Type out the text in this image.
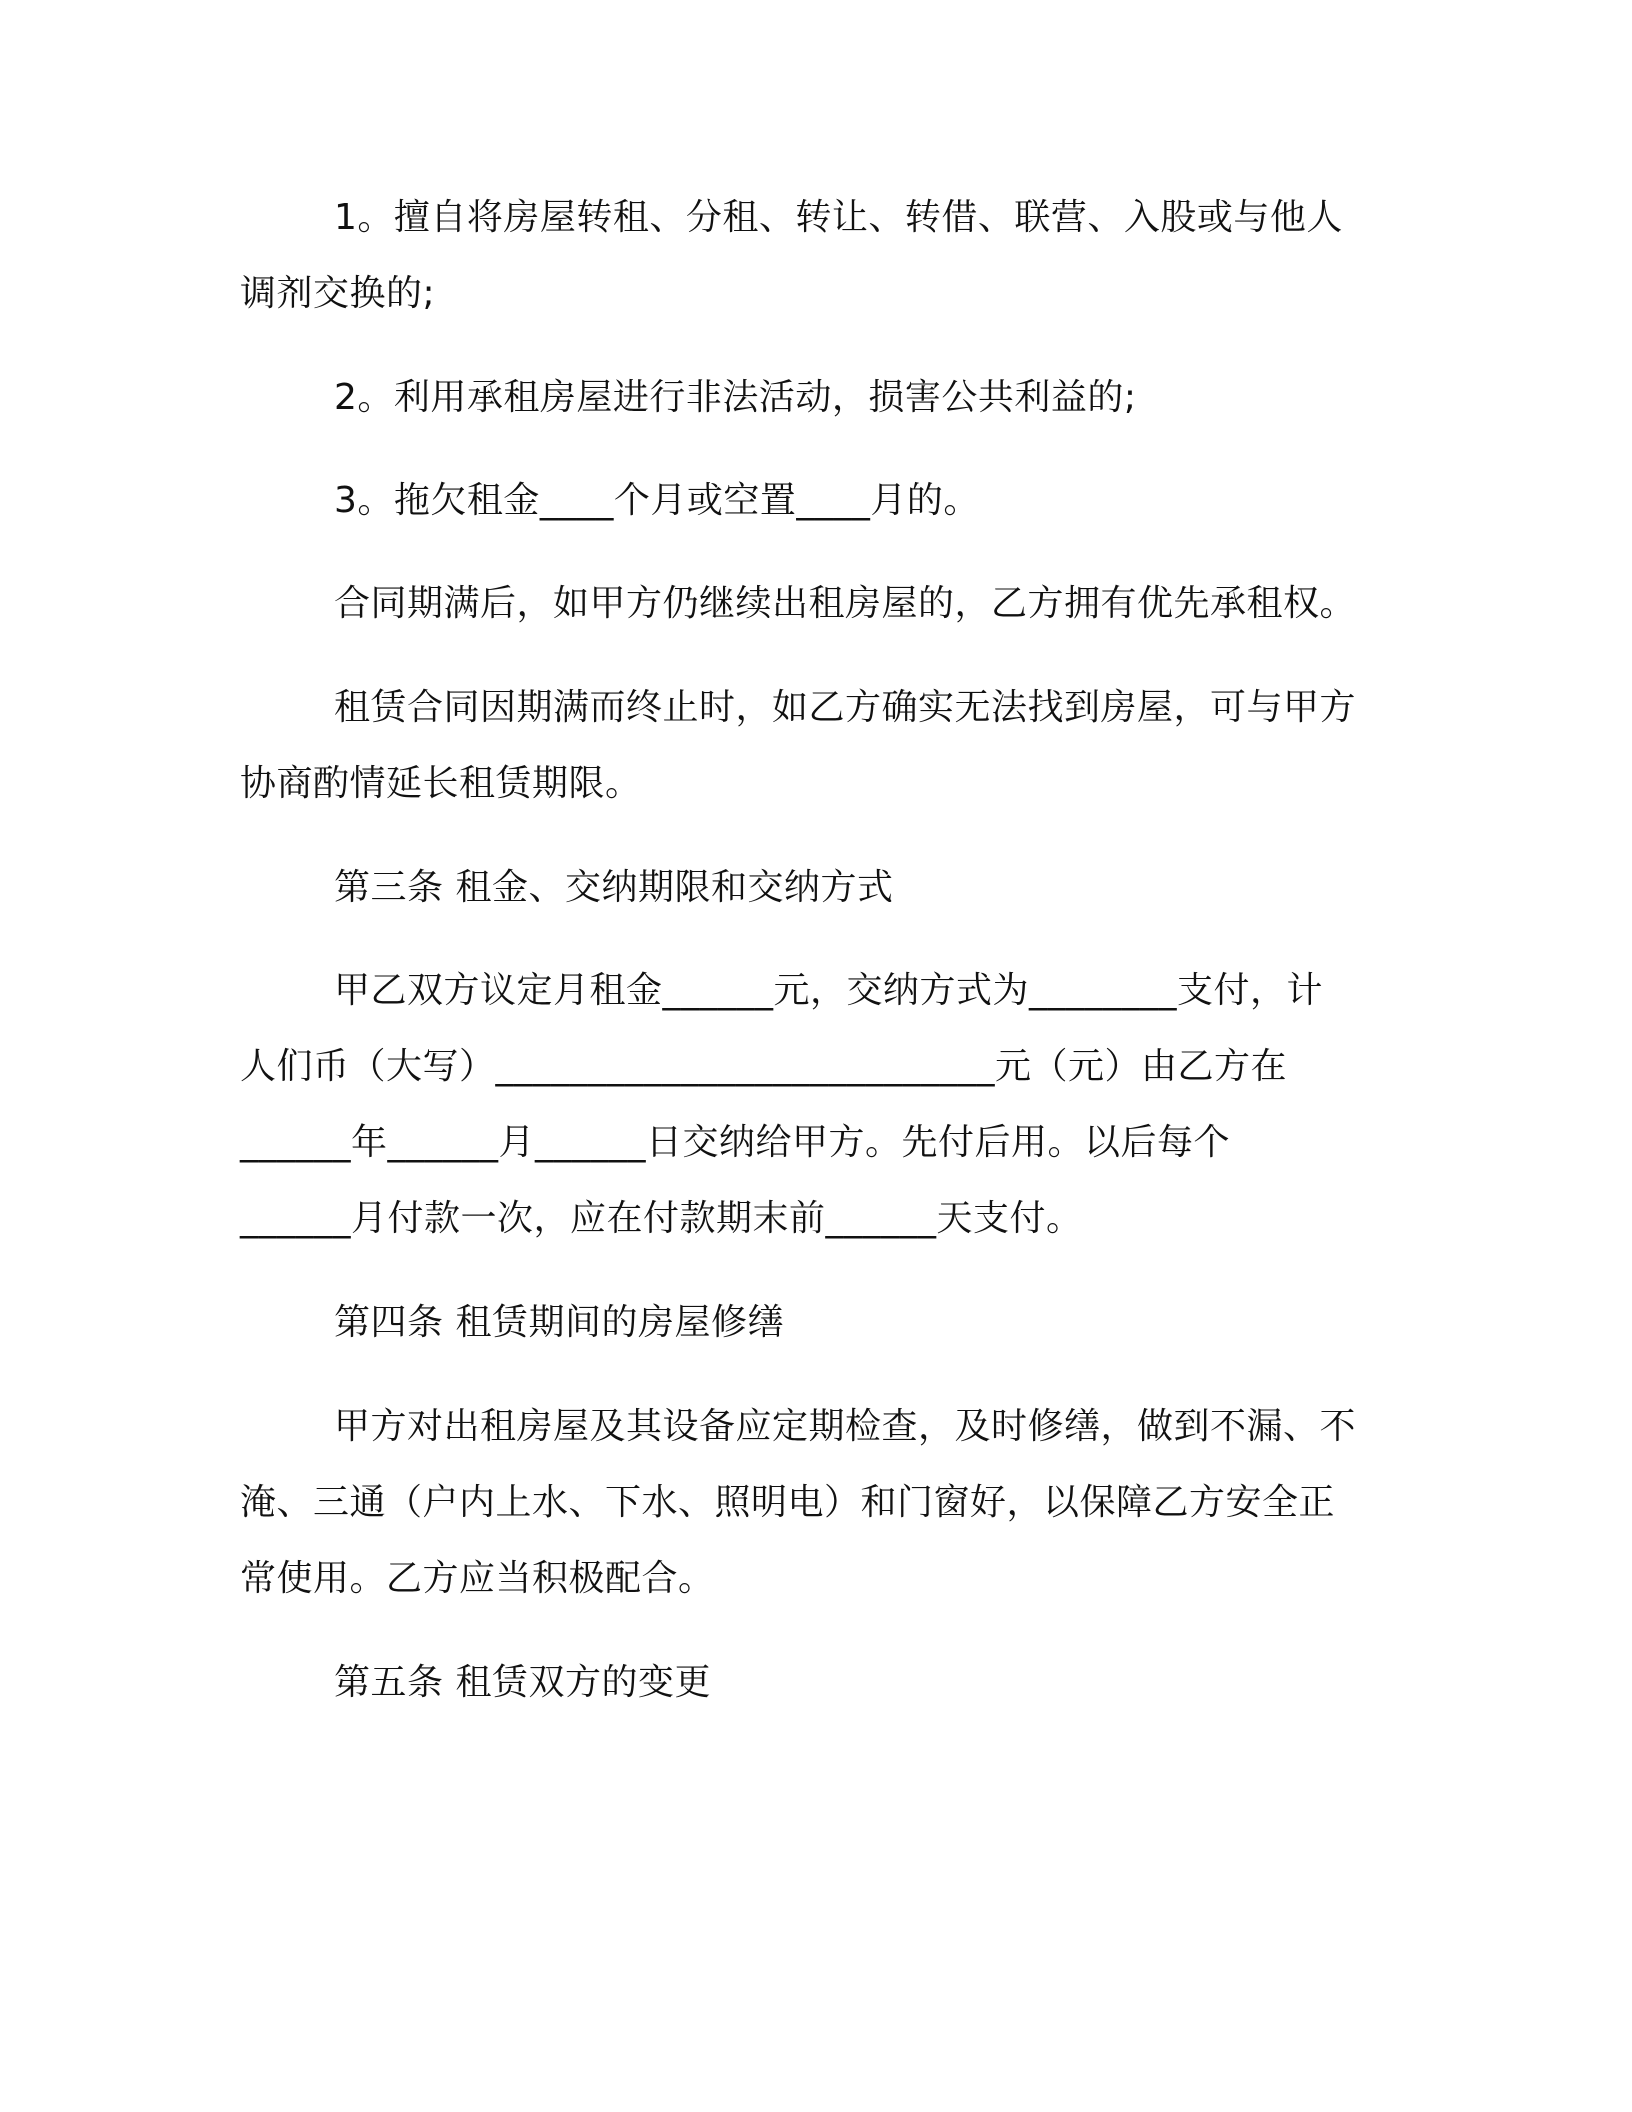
1。擅自将房屋转租、分租、转让、转借、联营、入股或与他人
调剂交换的;
2。利用承租房屋进行非法活动，损害公共利益的;
3。拖欠租金____个月或空置____月的。
合同期满后，如甲方仍继续出租房屋的，乙方拥有优先承租权。
租赁合同因期满而终止时，如乙方确实无法找到房屋，可与甲方
协商酌情延长租赁期限。
第三条 租金、交纳期限和交纳方式
甲乙双方议定月租金______元，交纳方式为________支付，计
人们币（大写）___________________________元（元）由乙方在
______年______月______日交纳给甲方。先付后用。以后每个
______月付款一次，应在付款期末前______天支付。
第四条 租赁期间的房屋修缮
甲方对出租房屋及其设备应定期检查，及时修缮，做到不漏、不
淹、三通（户内上水、下水、照明电）和门窗好，以保障乙方安全正
常使用。乙方应当积极配合。
第五条 租赁双方的变更
